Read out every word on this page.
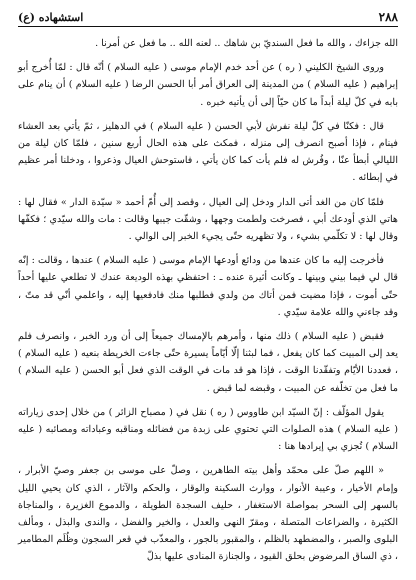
٢٨٨
استشهاده (ع)

الله جزاءك ، والله ما فعل السنديّ بن شاهك .. لعنه الله .. ما فعل عن أمرنا .

وروى الشيخ الكليني ( ره ) عن أحد خدم الإمام موسى ( عليه السلام ) أنّه قال : لمّا أُخرج أبو إبراهيم ( عليه السلام ) من المدينة إلى العراق أمر أبا الحسن الرضا ( عليه السلام ) أن ينام على بابه في كلّ ليلة أبداً ما كان حيّاً إلى أن يأتيه خبره .

قال : فكنّا في كلّ ليلة نفرش لأبي الحسن ( عليه السلام ) في الدهليز ، ثمّ يأتي بعد العشاء فينام ، فإذا أصبح انصرف إلى منزله ، فمكث على هذه الحال أربع سنين ، فلمّا كان ليلة من الليالي أبطأ عنّا ، وفُرش له فلم يأت كما كان يأتي ، فاستوحش العيال وذعروا ، ودخلنا أمر عظيم في إبطائه .

فلمّا كان من الغد أتى الدار ودخل إلى العيال ، وقصد إلى أُمّ أحمد « سيّدة الدار » فقال لها : هاتي الذي أودعك أبي ، فصرخت ولطمت وجهها ، وشقّت جيبها وقالت : مات والله سيّدي ؛ فكفّها وقال لها : لا تكلّمي بشيء ، ولا تظهريه حتّى يجيء الخبر إلى الوالي .

فأخرجت إليه ما كان عندها من ودائع أودعها الإمام موسى ( عليه السلام ) عندها ، وقالت : إنّه قال لي فيما بيني وبينها ـ وكانت أثيرة عنده ـ : احتفظي بهذه الوديعة عندك لا تطلعي عليها أحداً حتّى أموت ، فإذا مضيت فمن أتاك من ولدي فطلبها منك فادفعيها إليه ، واعلمي أنّي قد متّ ، وقد جاءني والله علامة سيّدي .

فقبض ( عليه السلام ) ذلك منها ، وأمرهم بالإمساك جميعاً إلى أن ورد الخبر ، وانصرف فلم يعد إلى المبيت كما كان يفعل ، فما لبثنا إلّا أيّاماً يسيرة حتّى جاءت الخريطة بنعيه ( عليه السلام ) ، فعددنا الأيّام وتفقّدنا الوقت ، فإذا هو قد مات في الوقت الذي فعل أبو الحسن ( عليه السلام ) ما فعل من تخلّفه عن المبيت ، وقبضه لما قبض .

يقول المؤلّف : إنّ السيّد ابن طاووس ( ره ) نقل في ( مصباح الزائر ) من خلال إحدى زياراته ( عليه السلام ) هذه الصلوات التي تحتوي على زبدة من فضائله ومناقبه وعباداته ومصائبه ( عليه السلام ) تُجزي بي إيرادها هنا :

« اللهم صلّ على محمّد وأهل بيته الطاهرين ، وصلّ على موسى بن جعفر وصيّ الأبرار ، وإمام الأخيار ، وعيبة الأنوار ، ووارث السكينة والوقار ، والحكم والآثار ، الذي كان يحيي الليل بالسهر إلى السحر بمواصلة الاستغفار ، حليف السجدة الطويلة ، والدموع الغزيرة ، والمناجاة الكثيرة ، والضراعات المتصلة ، ومقرّ النهى والعدل ، والخير والفضل ، والندى والبذل ، ومألف البلوى والصبر ، والمضطهد بالظلم ، والمقبور بالجور ، والمعذّب في قعر السجون وظُلَم المطامير ، ذي الساق المرضوض بحلق القيود ، والجنازة المنادى عليها بذلّ
